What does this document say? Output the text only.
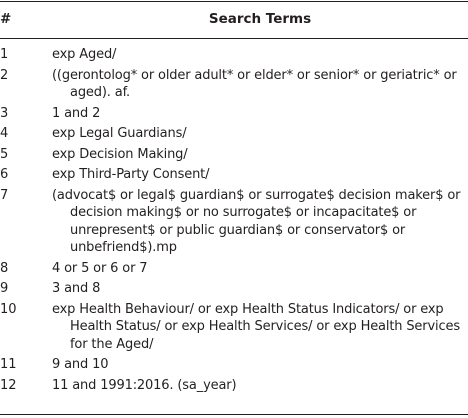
#	Search Terms
1	exp Aged/
2	((gerontolog* or older adult* or elder* or senior* or geriatric* or aged). af.
3	1 and 2
4	exp Legal Guardians/
5	exp Decision Making/
6	exp Third-Party Consent/
7	(advocat$ or legal$ guardian$ or surrogate$ decision maker$ or decision making$ or no surrogate$ or incapacitate$ or unrepresent$ or public guardian$ or conservator$ or unbefriend$).mp
8	4 or 5 or 6 or 7
9	3 and 8
10	exp Health Behaviour/ or exp Health Status Indicators/ or exp Health Status/ or exp Health Services/ or exp Health Services for the Aged/
11	9 and 10
12	11 and 1991:2016. (sa_year)
